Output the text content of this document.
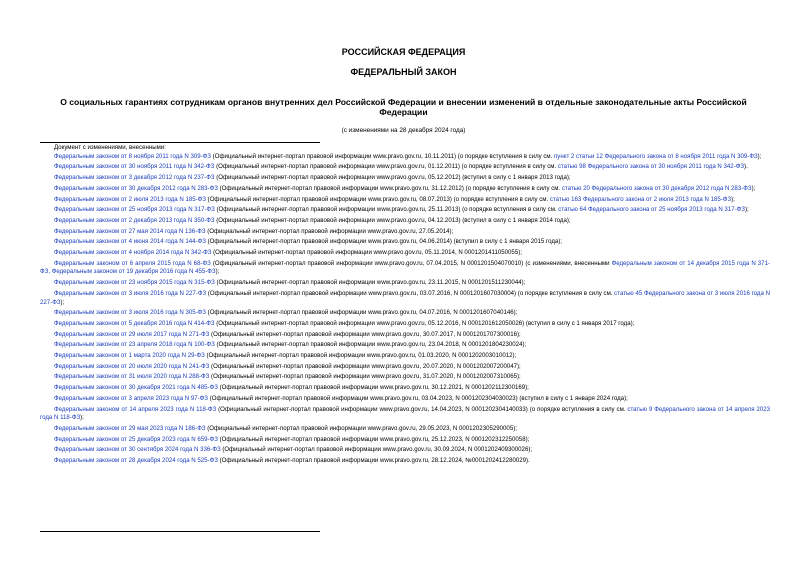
РОССИЙСКАЯ ФЕДЕРАЦИЯ
ФЕДЕРАЛЬНЫЙ ЗАКОН
О социальных гарантиях сотрудникам органов внутренних дел Российской Федерации и внесении изменений в отдельные законодательные акты Российской Федерации
(с изменениями на 28 декабря 2024 года)
Документ с изменениями, внесенными:
Федеральным законом от 8 ноября 2011 года N 309-ФЗ (Официальный интернет-портал правовой информации www.pravo.gov.ru, 10.11.2011) (о порядке вступления в силу см. пункт 2 статьи 12 Федерального закона от 8 ноября 2011 года N 309-ФЗ);
Федеральным законом от 30 ноября 2011 года N 342-ФЗ (Официальный интернет-портал правовой информации www.pravo.gov.ru, 01.12.2011) (о порядке вступления в силу см. статью 98 Федерального закона от 30 ноября 2011 года N 342-ФЗ).
Федеральным законом от 3 декабря 2012 года N 237-ФЗ (Официальный интернет-портал правовой информации www.pravo.gov.ru, 05.12.2012) (вступил в силу с 1 января 2013 года);
Федеральным законом от 30 декабря 2012 года N 283-ФЗ (Официальный интернет-портал правовой информации www.pravo.gov.ru, 31.12.2012) (о порядке вступления в силу см. статью 20 Федерального закона от 30 декабря 2012 года N 283-ФЗ);
Федеральным законом от 2 июля 2013 года N 185-ФЗ (Официальный интернет-портал правовой информации www.pravo.gov.ru, 08.07.2013) (о порядке вступления в силу см. статью 163 Федерального закона от 2 июля 2013 года N 185-ФЗ);
Федеральным законом от 25 ноября 2013 года N 317-ФЗ (Официальный интернет-портал правовой информации www.pravo.gov.ru, 25.11.2013) (о порядке вступления в силу см. статью 64 Федерального закона от 25 ноября 2013 года N 317-ФЗ);
Федеральным законом от 2 декабря 2013 года N 350-ФЗ (Официальный интернет-портал правовой информации www.pravo.gov.ru, 04.12.2013) (вступил в силу с 1 января 2014 года);
Федеральным законом от 27 мая 2014 года N 136-ФЗ (Официальный интернет-портал правовой информации www.pravo.gov.ru, 27.05.2014);
Федеральным законом от 4 июня 2014 года N 144-ФЗ (Официальный интернет-портал правовой информации www.pravo.gov.ru, 04.06.2014) (вступил в силу с 1 января 2015 года);
Федеральным законом от 4 ноября 2014 года N 342-ФЗ (Официальный интернет-портал правовой информации www.pravo.gov.ru, 05.11.2014, N 0001201411050055);
Федеральным законом от 6 апреля 2015 года N 68-ФЗ (Официальный интернет-портал правовой информации www.pravo.gov.ru, 07.04.2015, N 0001201504070010) (с изменениями, внесенными Федеральным законом от 14 декабря 2015 года N 371-ФЗ, Федеральным законом от 19 декабря 2016 года N 455-ФЗ);
Федеральным законом от 23 ноября 2015 года N 315-ФЗ (Официальный интернет-портал правовой информации www.pravo.gov.ru, 23.11.2015, N 0001201511230044);
Федеральным законом от 3 июля 2016 года N 227-ФЗ (Официальный интернет-портал правовой информации www.pravo.gov.ru, 03.07.2016, N 0001201607030004) (о порядке вступления в силу см. статью 45 Федерального закона от 3 июля 2016 года N 227-ФЗ);
Федеральным законом от 3 июля 2016 года N 305-ФЗ (Официальный интернет-портал правовой информации www.pravo.gov.ru, 04.07.2016, N 0001201607040146);
Федеральным законом от 5 декабря 2016 года N 414-ФЗ (Официальный интернет-портал правовой информации www.pravo.gov.ru, 05.12.2016, N 0001201612050026) (вступил в силу с 1 января 2017 года);
Федеральным законом от 29 июля 2017 года N 271-ФЗ (Официальный интернет-портал правовой информации www.pravo.gov.ru, 30.07.2017, N 0001201707300016);
Федеральным законом от 23 апреля 2018 года N 100-ФЗ (Официальный интернет-портал правовой информации www.pravo.gov.ru, 23.04.2018, N 0001201804230024);
Федеральным законом от 1 марта 2020 года N 29-ФЗ (Официальный интернет-портал правовой информации www.pravo.gov.ru, 01.03.2020, N 0001202003010012);
Федеральным законом от 20 июля 2020 года N 241-ФЗ (Официальный интернет-портал правовой информации www.pravo.gov.ru, 20.07.2020, N 0001202007200047);
Федеральным законом от 31 июля 2020 года N 288-ФЗ (Официальный интернет-портал правовой информации www.pravo.gov.ru, 31.07.2020, N 0001202007310065);
Федеральным законом от 30 декабря 2021 года N 485-ФЗ (Официальный интернет-портал правовой информации www.pravo.gov.ru, 30.12.2021, N 0001202112300169);
Федеральным законом от 3 апреля 2023 года N 97-ФЗ (Официальный интернет-портал правовой информации www.pravo.gov.ru, 03.04.2023, N 0001202304030023) (вступил в силу с 1 января 2024 года);
Федеральным законом от 14 апреля 2023 года N 118-ФЗ (Официальный интернет-портал правовой информации www.pravo.gov.ru, 14.04.2023, N 0001202304140033) (о порядке вступления в силу см. статью 9 Федерального закона от 14 апреля 2023 года N 118-ФЗ);
Федеральным законом от 29 мая 2023 года N 186-ФЗ (Официальный интернет-портал правовой информации www.pravo.gov.ru, 29.05.2023, N 0001202305290005);
Федеральным законом от 25 декабря 2023 года N 659-ФЗ (Официальный интернет-портал правовой информации www.pravo.gov.ru, 25.12.2023, N 0001202312250058);
Федеральным законом от 30 сентября 2024 года N 336-ФЗ (Официальный интернет-портал правовой информации www.pravo.gov.ru, 30.09.2024, N 0001202409300026);
Федеральным законом от 28 декабря 2024 года N 525-ФЗ (Официальный интернет-портал правовой информации www.pravo.gov.ru, 28.12.2024, №0001202412280029).
